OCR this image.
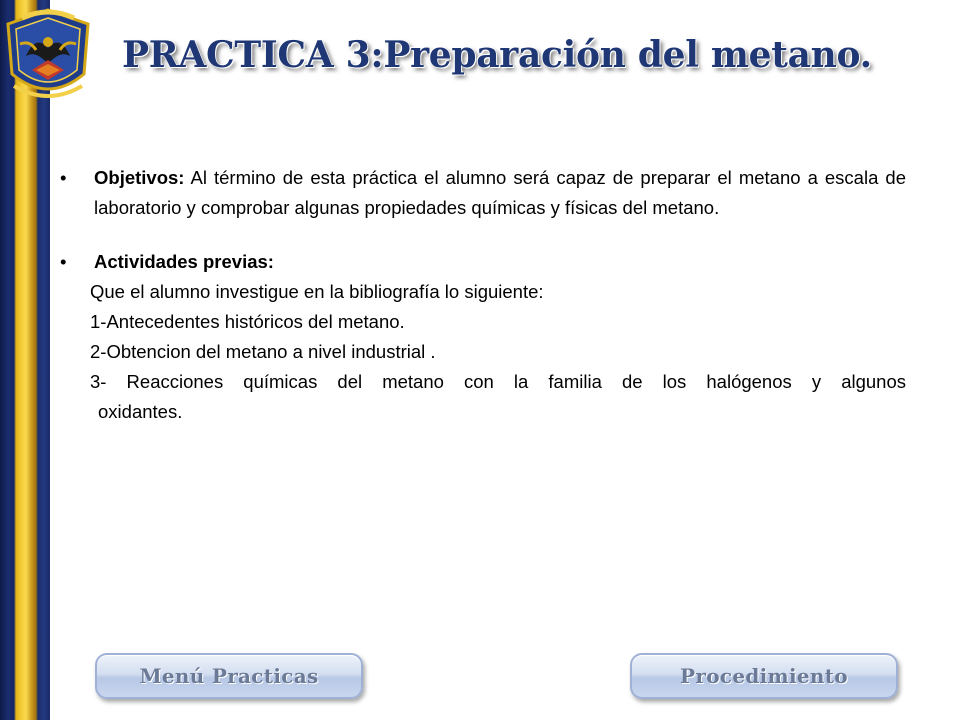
PRACTICA 3:Preparación del metano.

• Objetivos: Al término de esta práctica el alumno será capaz de preparar el metano a escala de laboratorio y comprobar algunas propiedades químicas y físicas del metano.

• Actividades previas:

Que el alumno investigue en la bibliografía lo siguiente:

1-Antecedentes históricos del metano.

2-Obtencion del metano a nivel industrial .

3- Reacciones químicas del metano con la familia de los halógenos y algunos

oxidantes.

Menú Practicas	Procedimiento
